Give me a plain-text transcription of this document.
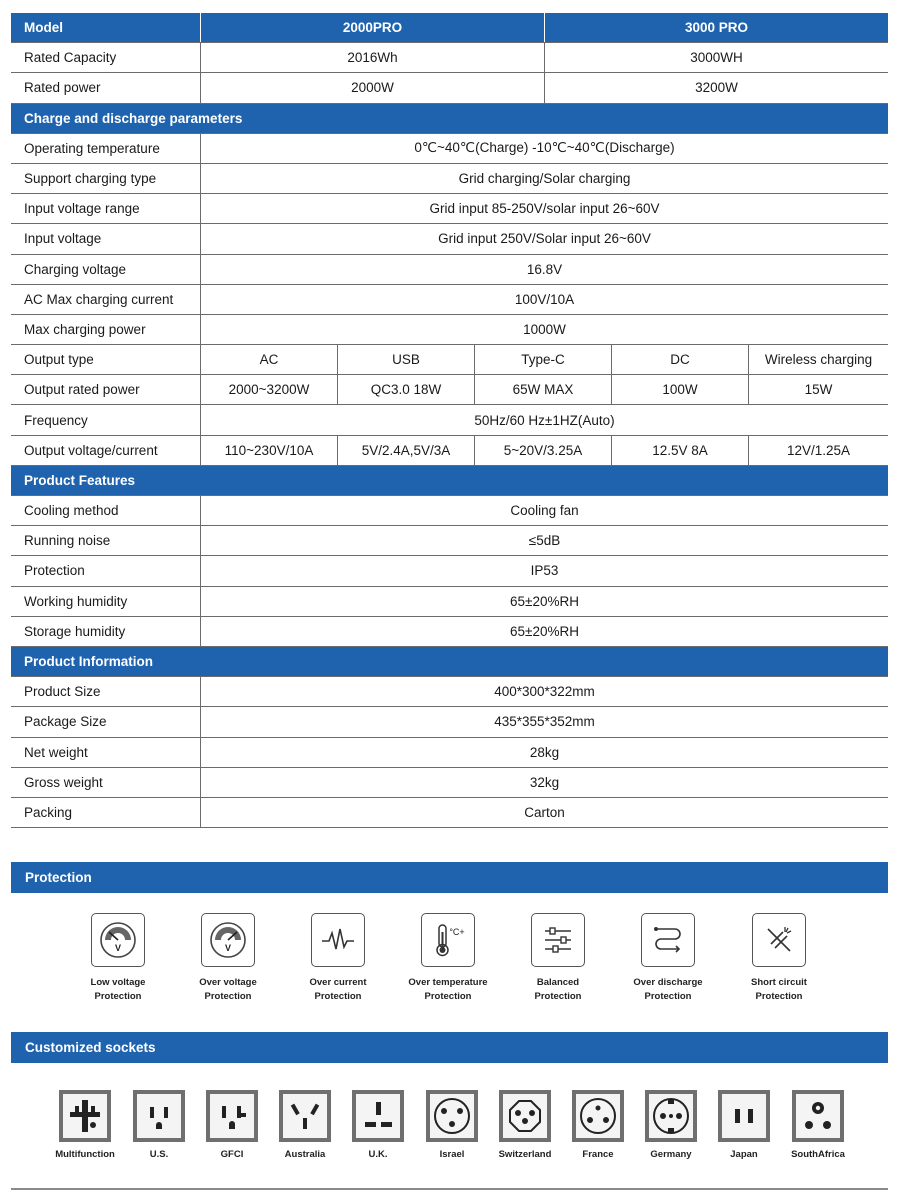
Model	2000PRO	3000 PRO
Rated Capacity	2016Wh	3000WH
Rated power	2000W	3200W
Charge and discharge parameters
Operating temperature	0℃~40℃(Charge) -10℃~40℃(Discharge)
Support charging type	Grid charging/Solar charging
Input voltage range	Grid input 85-250V/solar input 26~60V
Input voltage	Grid input 250V/Solar input 26~60V
Charging voltage	16.8V
AC Max charging current	100V/10A
Max charging power	1000W
Output type	AC	USB	Type-C	DC	Wireless charging
Output rated power	2000~3200W	QC3.0 18W	65W MAX	100W	15W
Frequency	50Hz/60 Hz±1HZ(Auto)
Output voltage/current	110~230V/10A	5V/2.4A,5V/3A	5~20V/3.25A	12.5V 8A	12V/1.25A
Product Features
Cooling method	Cooling fan
Running noise	≤5dB
Protection	IP53
Working humidity	65±20%RH
Storage humidity	65±20%RH
Product Information
Product Size	400*300*322mm
Package Size	435*355*352mm
Net weight	28kg
Gross weight	32kg
Packing	Carton
Protection
V
Low voltage
Protection
V
Over voltage
Protection
Over current
Protection
°C+
Over temperature
Protection
Balanced
Protection
Over discharge
Protection
Short circuit
Protection
Customized sockets
Multifunction	U.S.	GFCI	Australia	U.K.	Israel	Switzerland	France	Germany	Japan	SouthAfrica
